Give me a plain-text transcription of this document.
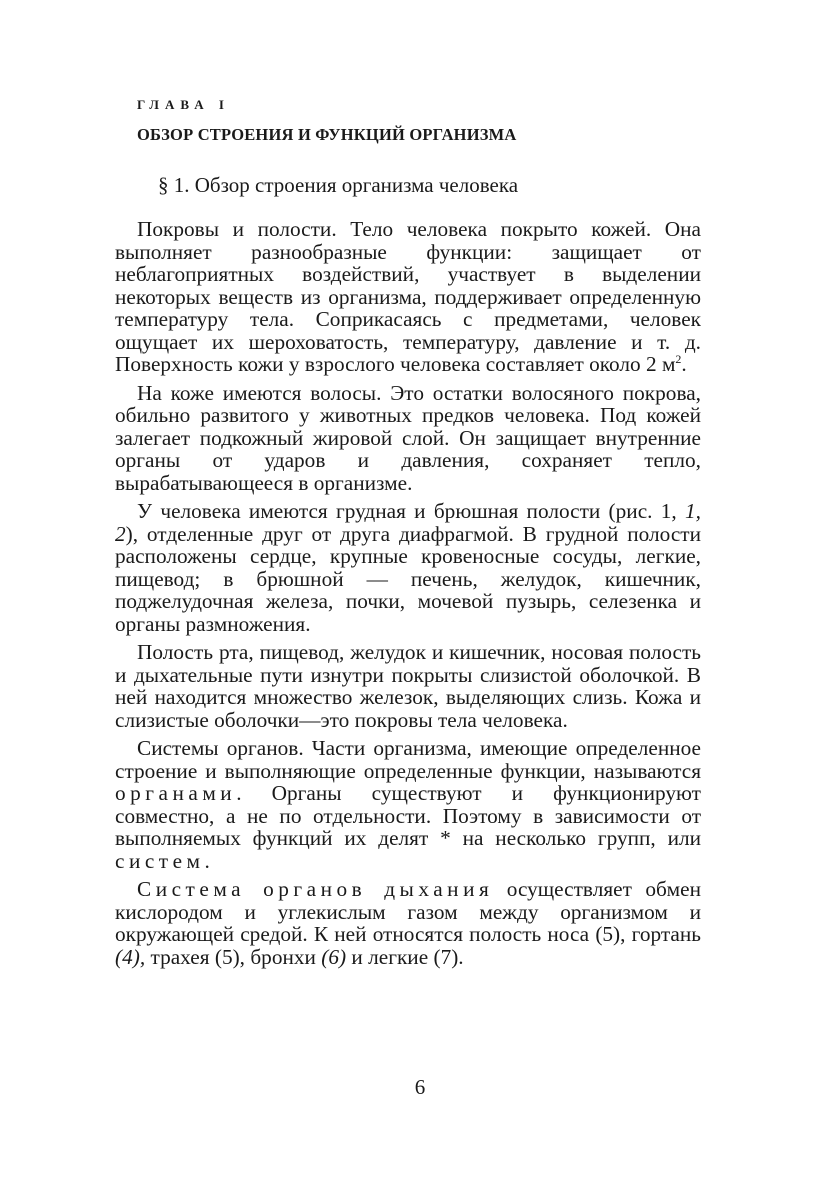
ГЛАВА I
ОБЗОР СТРОЕНИЯ И ФУНКЦИЙ ОРГАНИЗМА
§ 1. Обзор строения организма человека

Покровы и полости. Тело человека покрыто кожей. Она выполняет разнообразные функции: защищает от неблагоприятных воздействий, участвует в выделении некоторых веществ из организма, поддерживает определенную температуру тела. Соприкасаясь с предметами, человек ощущает их шероховатость, температуру, давление и т. д. Поверхность кожи у взрослого человека составляет около 2 $м^2$.

На коже имеются волосы. Это остатки волосяного покрова, обильно развитого у животных предков человека. Под кожей залегает подкожный жировой слой. Он защищает внутренние органы от ударов и давления, сохраняет тепло, вырабатывающееся в организме.

У человека имеются грудная и брюшная полости (рис. 1, 1, 2), отделенные друг от друга диафрагмой. В грудной полости расположены сердце, крупные кровеносные сосуды, легкие, пищевод; в брюшной — печень, желудок, кишечник, поджелудочная железа, почки, мочевой пузырь, селезенка и органы размножения.

Полость рта, пищевод, желудок и кишечник, носовая полость и дыхательные пути изнутри покрыты слизистой оболочкой. В ней находится множество железок, выделяющих слизь. Кожа и слизистые оболочки—это покровы тела человека.

Системы органов. Части организма, имеющие определенное строение и выполняющие определенные функции, называются органами. Органы существуют и функционируют совместно, а не по отдельности. Поэтому в зависимости от выполняемых функций их делят * на несколько групп, или систем.

Система органов дыхания осуществляет обмен кислородом и углекислым газом между организмом и окружающей средой. К ней относятся полость носа (5), гортань (4), трахея (5), бронхи (6) и легкие (7).

6
